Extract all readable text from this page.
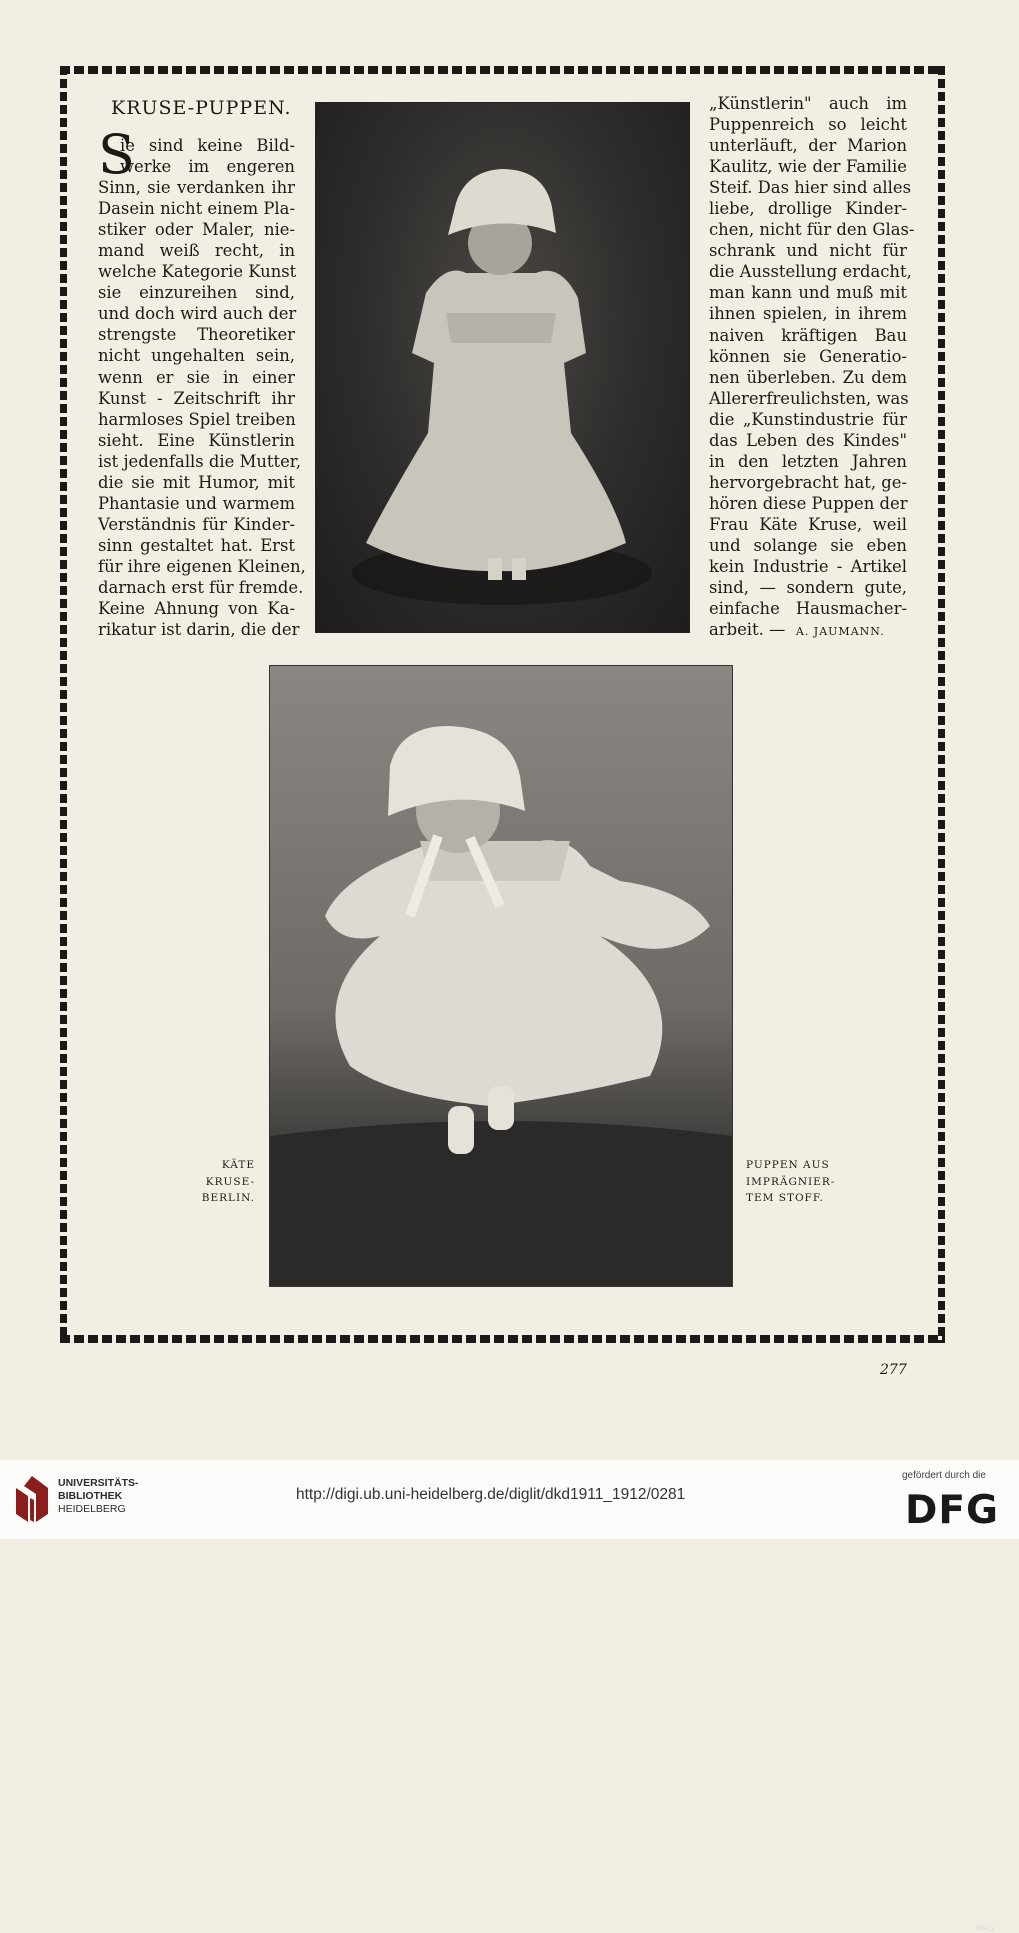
KRUSE-PUPPEN.
S
ie sind keine Bild-
werke im engeren
Sinn, sie verdanken ihr
Dasein nicht einem Pla-
stiker oder Maler, nie-
mand weiß recht, in
welche Kategorie Kunst
sie einzureihen sind,
und doch wird auch der
strengste Theoretiker
nicht ungehalten sein,
wenn er sie in einer
Kunst - Zeitschrift ihr
harmloses Spiel treiben
sieht. Eine Künstlerin
ist jedenfalls die Mutter,
die sie mit Humor, mit
Phantasie und warmem
Verständnis für Kinder-
sinn gestaltet hat. Erst
für ihre eigenen Kleinen,
darnach erst für fremde.
Keine Ahnung von Ka-
rikatur ist darin, die der
„Künstlerin" auch im
Puppenreich so leicht
unterläuft, der Marion
Kaulitz, wie der Familie
Steif. Das hier sind alles
liebe, drollige Kinder-
chen, nicht für den Glas-
schrank und nicht für
die Ausstellung erdacht,
man kann und muß mit
ihnen spielen, in ihrem
naiven kräftigen Bau
können sie Generatio-
nen überleben. Zu dem
Allererfreulichsten, was
die „Kunstindustrie für
das Leben des Kindes"
in den letzten Jahren
hervorgebracht hat, ge-
hören diese Puppen der
Frau Käte Kruse, weil
und solange sie eben
kein Industrie - Artikel
sind, — sondern gute,
einfache Hausmacher-
arbeit. — A. JAUMANN.
MRG
KÄTE
KRUSE-
BERLIN.
PUPPEN AUS
IMPRÄGNIER-
TEM STOFF.
277
UNIVERSITÄTS-
BIBLIOTHEK
HEIDELBERG
http://digi.ub.uni-heidelberg.de/diglit/dkd1911_1912/0281
gefördert durch die
DFG
